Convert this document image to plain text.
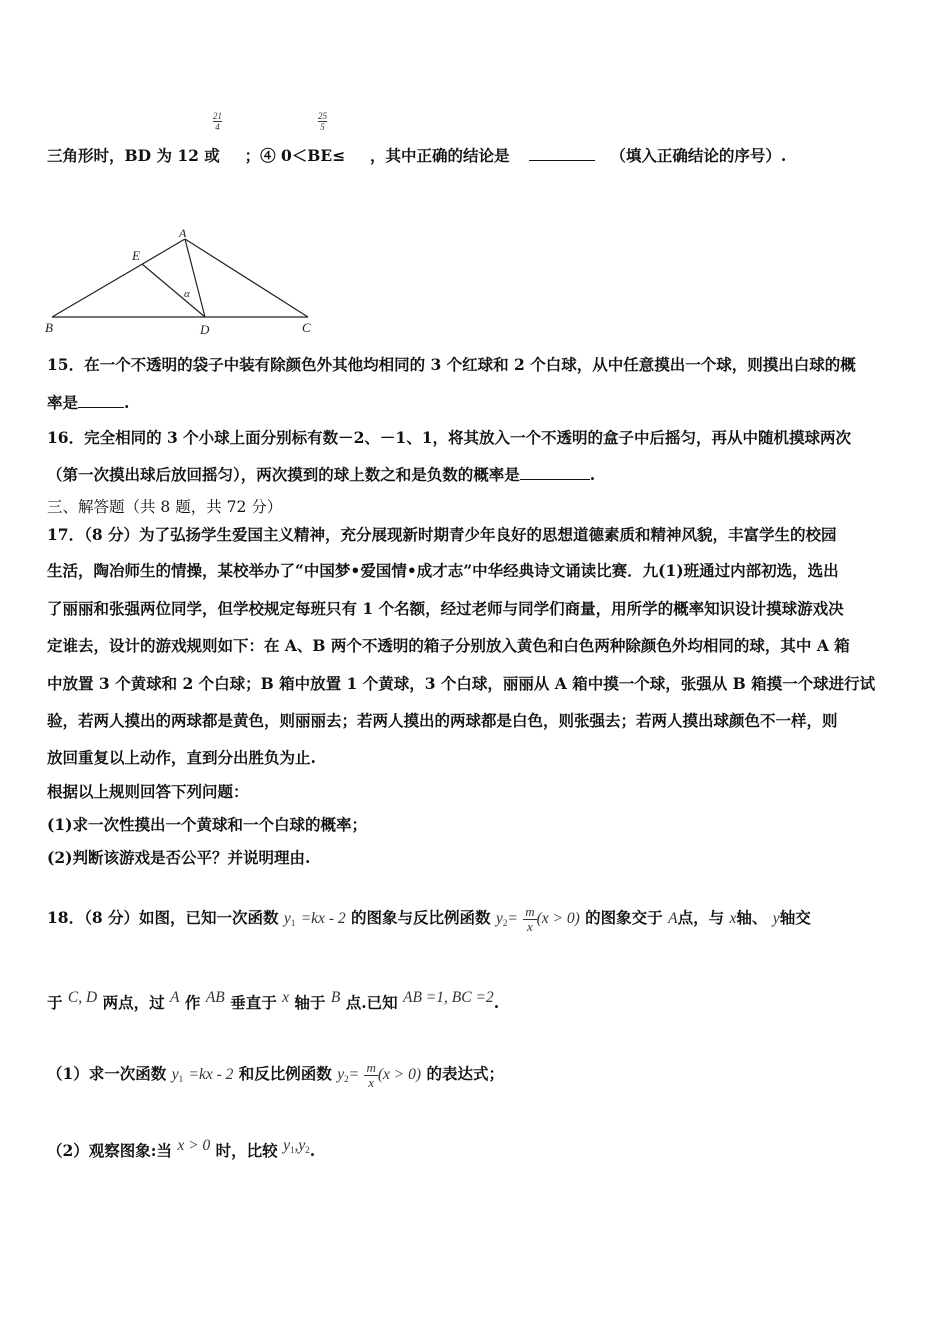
$\frac{21}{4}$	$\frac{25}{5}$
三角形时，BD 为 12 或 ；④ 0＜BE≤ ，其中正确的结论是	（填入正确结论的序号）.
A
E
α
B	D	C
15．在一个不透明的袋子中装有除颜色外其他均相同的 3 个红球和 2 个白球，从中任意摸出一个球，则摸出白球的概
率是	.
16．完全相同的 3 个小球上面分别标有数－2、－1、1，将其放入一个不透明的盒子中后摇匀，再从中随机摸球两次
（第一次摸出球后放回摇匀），两次摸到的球上数之和是负数的概率是	.
三、解答题（共 8 题，共 72 分）
17．（8 分）为了弘扬学生爱国主义精神，充分展现新时期青少年良好的思想道德素质和精神风貌，丰富学生的校园
生活，陶冶师生的情操，某校举办了“中国梦•爱国情•成才志”中华经典诗文诵读比赛．九(1)班通过内部初选，选出
了丽丽和张强两位同学，但学校规定每班只有 1 个名额，经过老师与同学们商量，用所学的概率知识设计摸球游戏决
定谁去，设计的游戏规则如下：在 A、B 两个不透明的箱子分别放入黄色和白色两种除颜色外均相同的球，其中 A 箱
中放置 3 个黄球和 2 个白球；B 箱中放置 1 个黄球，3 个白球，丽丽从 A 箱中摸一个球，张强从 B 箱摸一个球进行试
验，若两人摸出的两球都是黄色，则丽丽去；若两人摸出的两球都是白色，则张强去；若两人摸出球颜色不一样，则
放回重复以上动作，直到分出胜负为止.
根据以上规则回答下列问题：
(1)求一次性摸出一个黄球和一个白球的概率；
(2)判断该游戏是否公平？并说明理由.
18．（8 分）如图，已知一次函数 $y_1 =kx - 2$ 的图象与反比例函数 $y_2= \frac{m}{x} (x > 0)$ 的图象交于 A点，与 x轴、 y轴交
于 C, D 两点，过 A 作 AB 垂直于 x 轴于 B 点.已知 AB =1, BC =2.
（1）求一次函数 $y_1 =kx - 2$ 和反比例函数 $y_2= \frac{m}{x} (x > 0)$ 的表达式；
（2）观察图象:当 x > 0 时，比较 $y_1,y_2$.
